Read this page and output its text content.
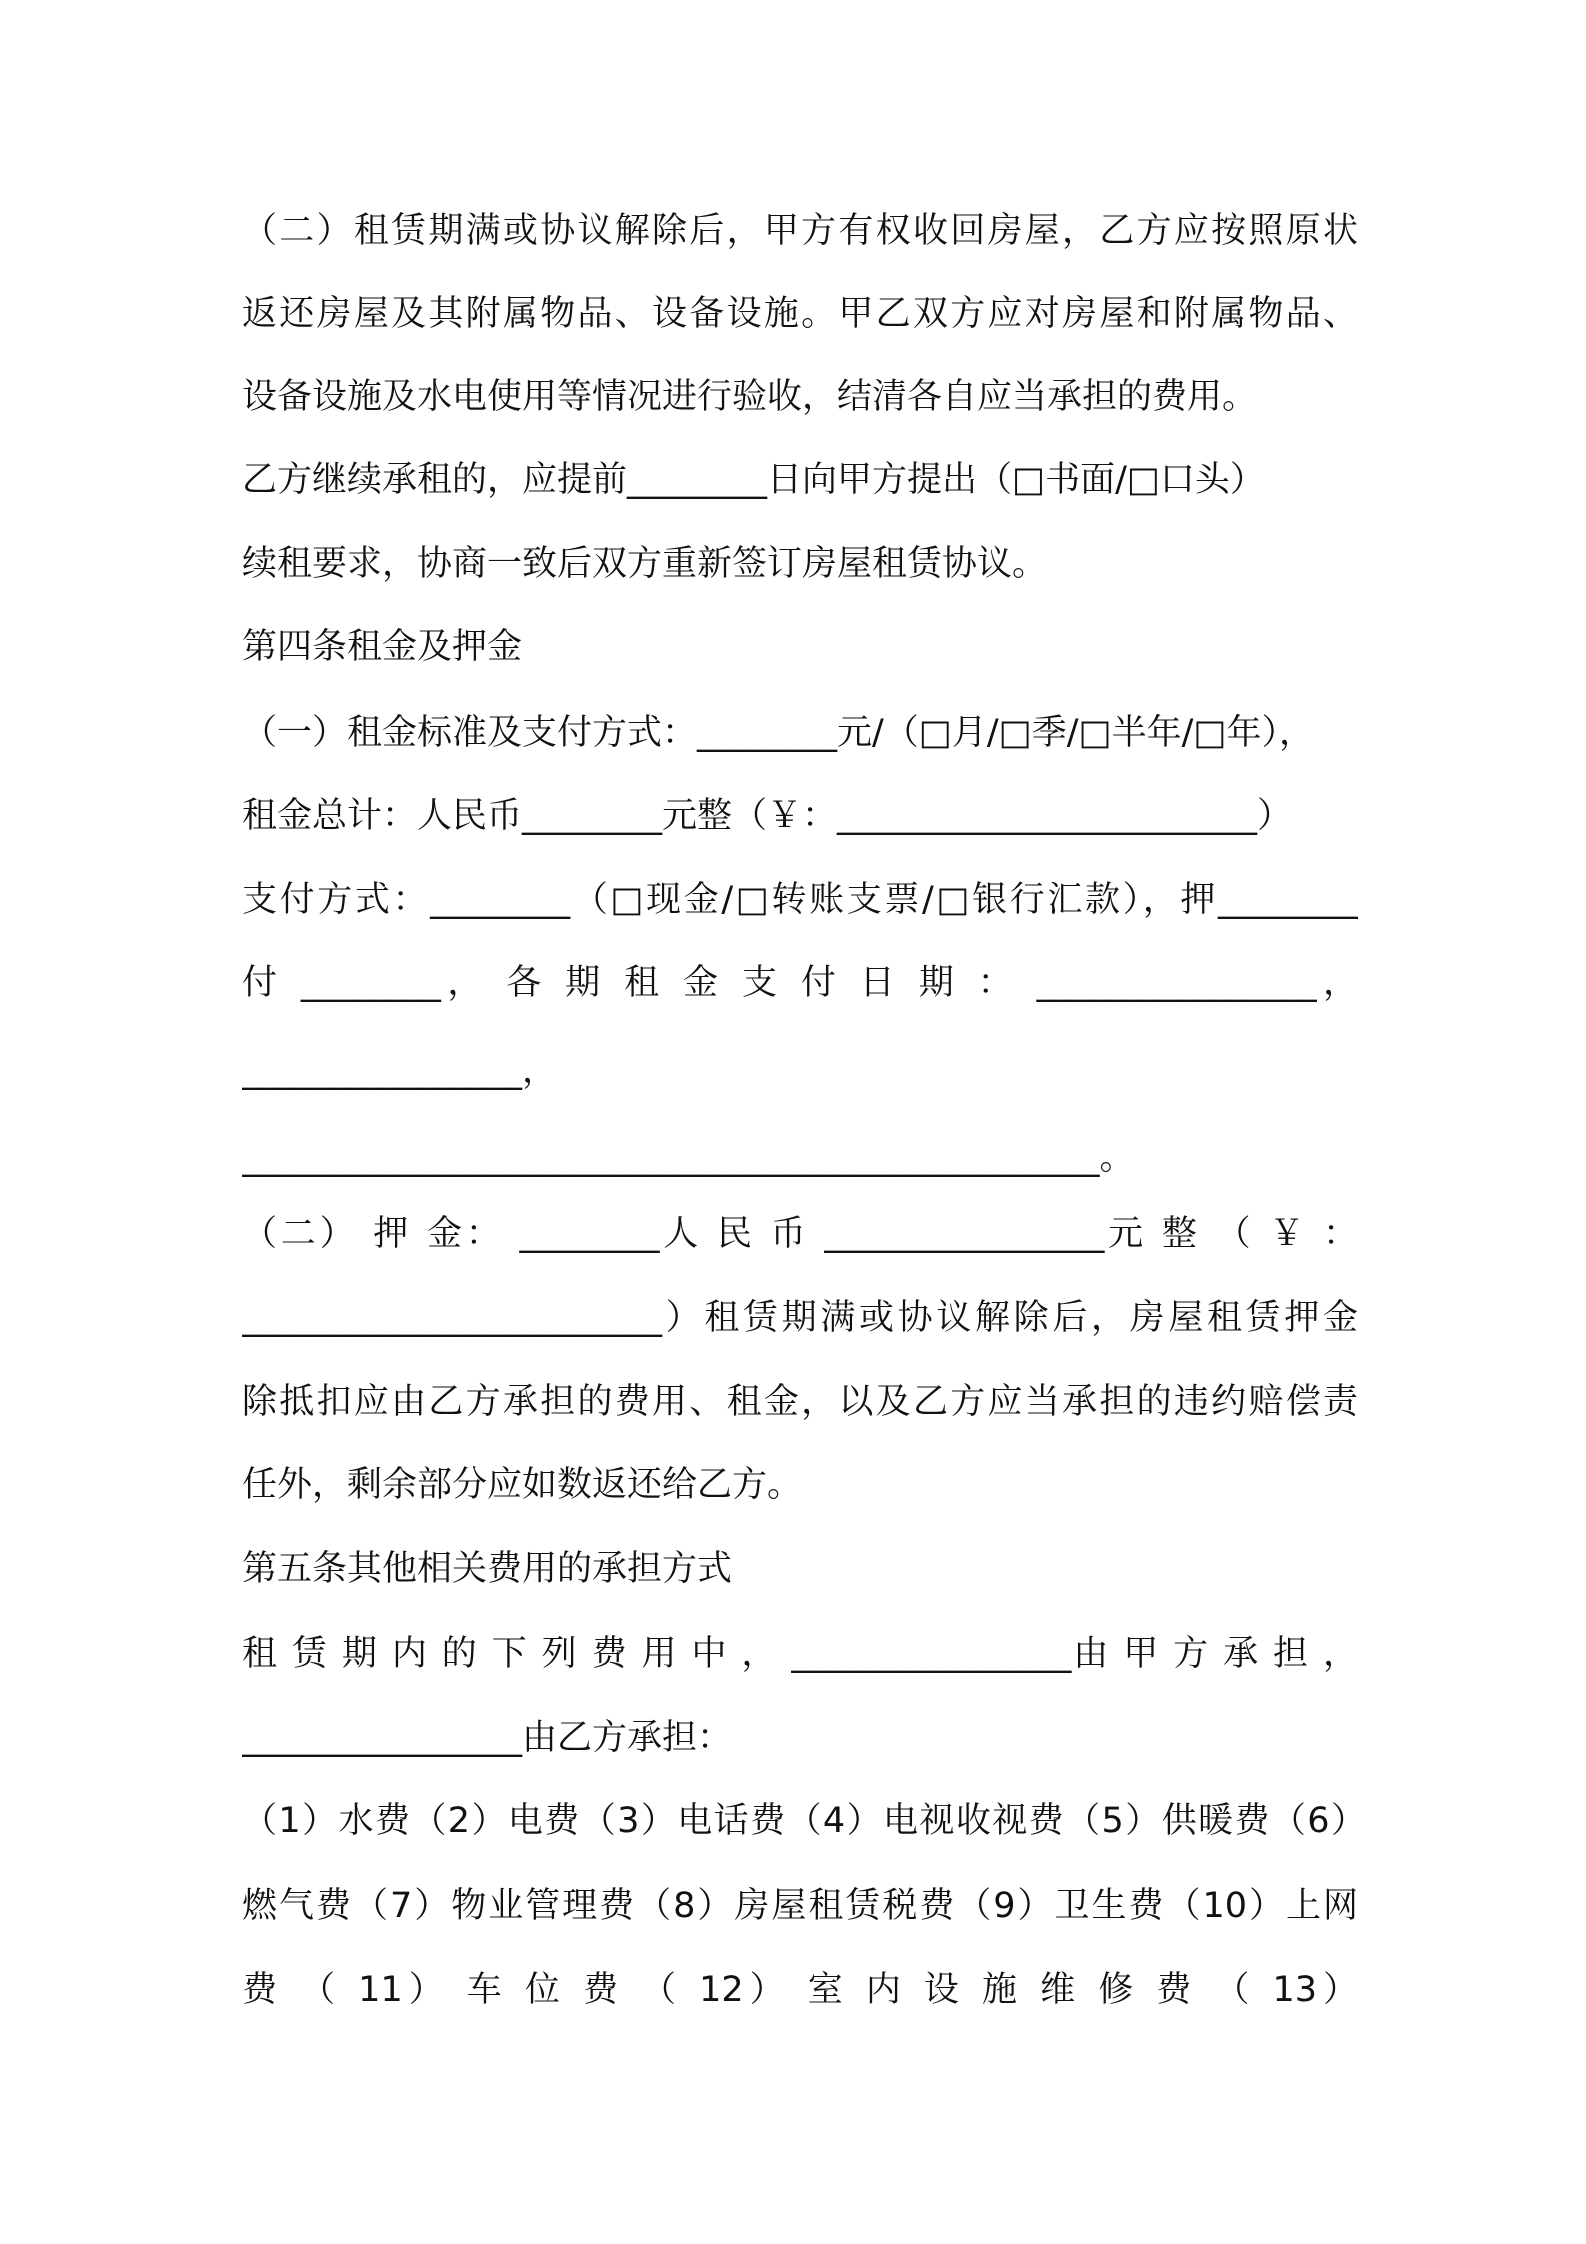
（二）租赁期满或协议解除后，甲方有权收回房屋，乙方应按照原状
返还房屋及其附属物品、设备设施。甲乙双方应对房屋和附属物品、
设备设施及水电使用等情况进行验收，结清各自应当承担的费用。
乙方继续承租的，应提前________日向甲方提出（□书面/□口头）
续租要求，协商一致后双方重新签订房屋租赁协议。
第四条租金及押金
（一）租金标准及支付方式：________元/（□月/□季/□半年/□年），
租金总计：人民币________元整（￥：________________________）
支付方式：________（□现金/□转账支票/□银行汇款），押________
付 ________， 各 期 租 金 支 付 日 期 ： ________________，
________________，
_________________________________________________。
（二） 押 金： ________人 民 币 ________________元 整 （ ￥ ：
________________________）租赁期满或协议解除后，房屋租赁押金
除抵扣应由乙方承担的费用、租金，以及乙方应当承担的违约赔偿责
任外，剩余部分应如数返还给乙方。
第五条其他相关费用的承担方式
租 赁 期 内 的 下 列 费 用 中 ， ________________由 甲 方 承 担 ，
________________由乙方承担：
（1）水费（2）电费（3）电话费（4）电视收视费（5）供暖费（6）
燃气费（7）物业管理费（8）房屋租赁税费（9）卫生费（10）上网
费 （ 11） 车 位 费 （ 12） 室 内 设 施 维 修 费 （ 13）
